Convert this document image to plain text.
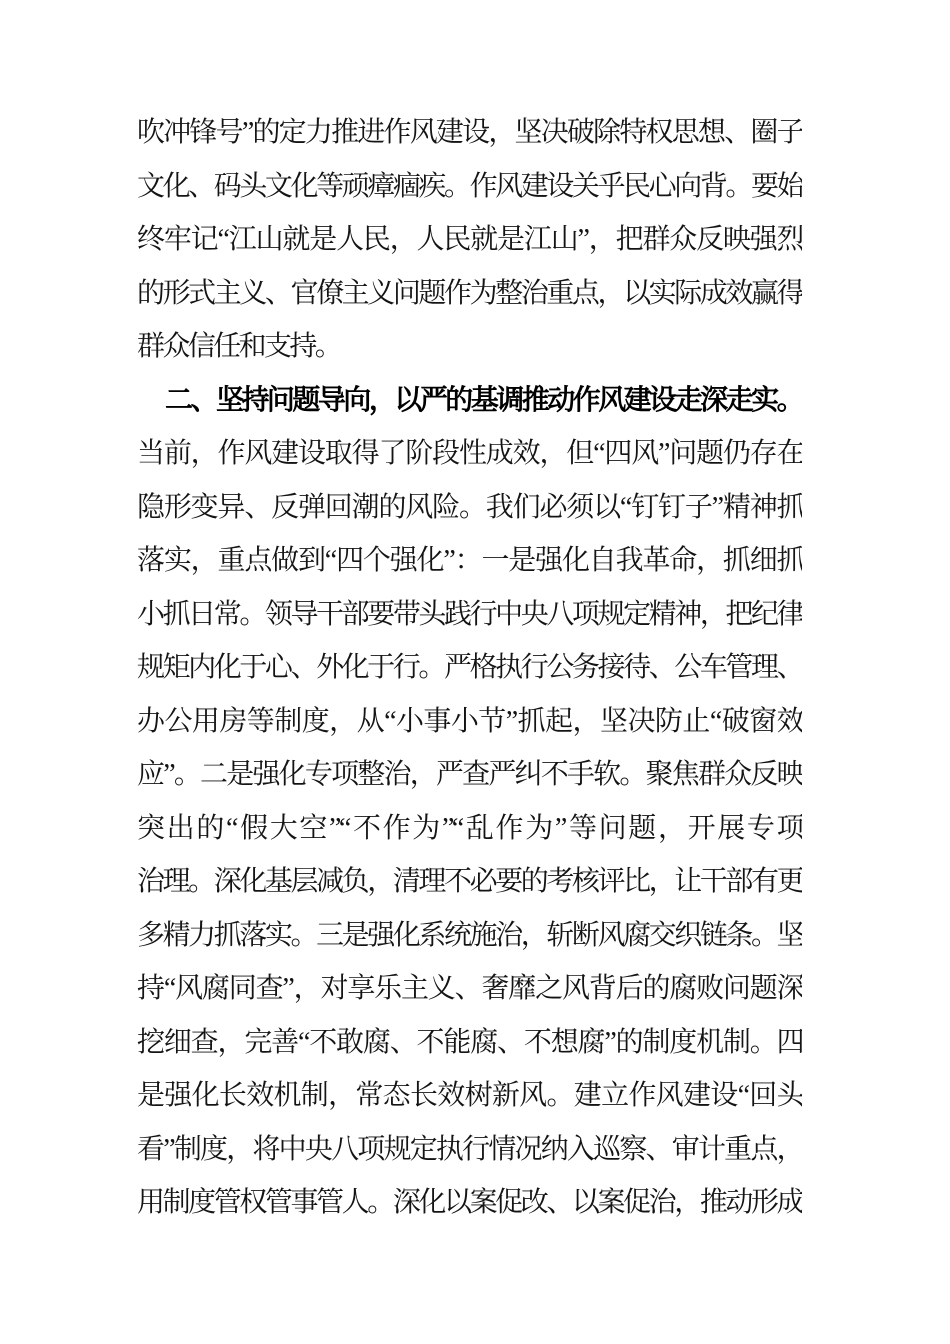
吹冲锋号”的定力推进作风建设，坚决破除特权思想、圈子
文化、码头文化等顽瘴痼疾。作风建设关乎民心向背。要始
终牢记“江山就是人民，人民就是江山”，把群众反映强烈
的形式主义、官僚主义问题作为整治重点，以实际成效赢得
群众信任和支持。
二、坚持问题导向，以严的基调推动作风建设走深走实。
当前，作风建设取得了阶段性成效，但“四风”问题仍存在
隐形变异、反弹回潮的风险。我们必须以“钉钉子”精神抓
落实，重点做到“四个强化”：一是强化自我革命，抓细抓
小抓日常。领导干部要带头践行中央八项规定精神，把纪律
规矩内化于心、外化于行。严格执行公务接待、公车管理、
办公用房等制度，从“小事小节”抓起，坚决防止“破窗效
应”。二是强化专项整治，严查严纠不手软。聚焦群众反映
突出的“假大空”“不作为”“乱作为”等问题，开展专项
治理。深化基层减负，清理不必要的考核评比，让干部有更
多精力抓落实。三是强化系统施治，斩断风腐交织链条。坚
持“风腐同查”，对享乐主义、奢靡之风背后的腐败问题深
挖细查，完善“不敢腐、不能腐、不想腐”的制度机制。四
是强化长效机制，常态长效树新风。建立作风建设“回头
看”制度，将中央八项规定执行情况纳入巡察、审计重点，
用制度管权管事管人。深化以案促改、以案促治，推动形成
